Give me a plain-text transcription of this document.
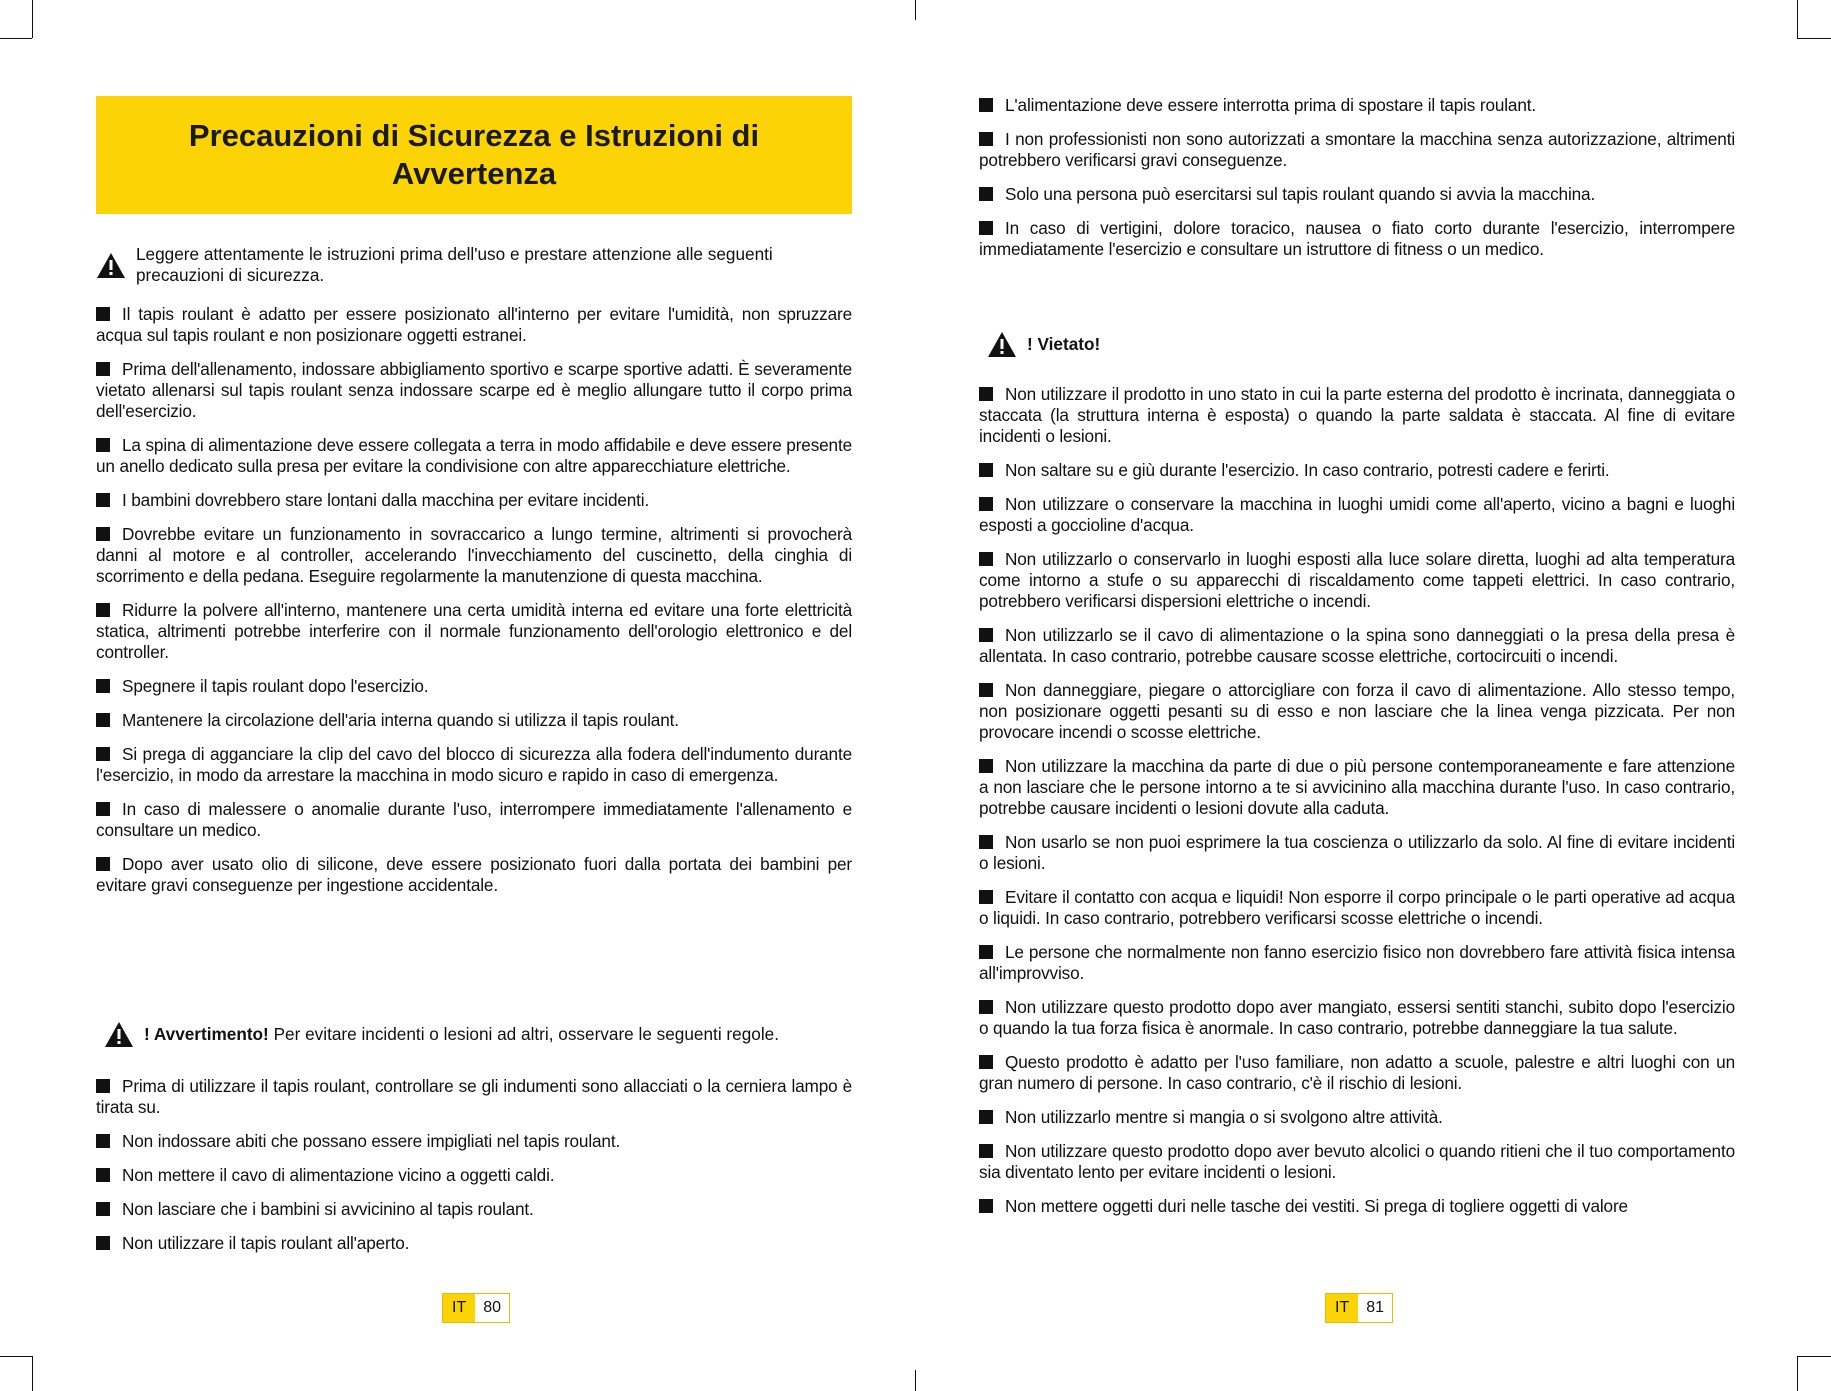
Precauzioni di Sicurezza e Istruzioni di Avvertenza
Leggere attentamente le istruzioni prima dell'uso e prestare attenzione alle seguenti precauzioni di sicurezza.

Il tapis roulant è adatto per essere posizionato all'interno per evitare l'umidità, non spruzzare acqua sul tapis roulant e non posizionare oggetti estranei.

Prima dell'allenamento, indossare abbigliamento sportivo e scarpe sportive adatti. È severamente vietato allenarsi sul tapis roulant senza indossare scarpe ed è meglio allungare tutto il corpo prima dell'esercizio.

La spina di alimentazione deve essere collegata a terra in modo affidabile e deve essere presente un anello dedicato sulla presa per evitare la condivisione con altre apparecchiature elettriche.

I bambini dovrebbero stare lontani dalla macchina per evitare incidenti.

Dovrebbe evitare un funzionamento in sovraccarico a lungo termine, altrimenti si provocherà danni al motore e al controller, accelerando l'invecchiamento del cuscinetto, della cinghia di scorrimento e della pedana. Eseguire regolarmente la manutenzione di questa macchina.

Ridurre la polvere all'interno, mantenere una certa umidità interna ed evitare una forte elettricità statica, altrimenti potrebbe interferire con il normale funzionamento dell'orologio elettronico e del controller.

Spegnere il tapis roulant dopo l'esercizio.

Mantenere la circolazione dell'aria interna quando si utilizza il tapis roulant.

Si prega di agganciare la clip del cavo del blocco di sicurezza alla fodera dell'indumento durante l'esercizio, in modo da arrestare la macchina in modo sicuro e rapido in caso di emergenza.

In caso di malessere o anomalie durante l'uso, interrompere immediatamente l'allenamento e consultare un medico.

Dopo aver usato olio di silicone, deve essere posizionato fuori dalla portata dei bambini per evitare gravi conseguenze per ingestione accidentale.

! Avvertimento! Per evitare incidenti o lesioni ad altri, osservare le seguenti regole.

Prima di utilizzare il tapis roulant, controllare se gli indumenti sono allacciati o la cerniera lampo è tirata su.

Non indossare abiti che possano essere impigliati nel tapis roulant.

Non mettere il cavo di alimentazione vicino a oggetti caldi.

Non lasciare che i bambini si avvicinino al tapis roulant.

Non utilizzare il tapis roulant all'aperto.

IT	80

L'alimentazione deve essere interrotta prima di spostare il tapis roulant.

I non professionisti non sono autorizzati a smontare la macchina senza autorizzazione, altrimenti potrebbero verificarsi gravi conseguenze.

Solo una persona può esercitarsi sul tapis roulant quando si avvia la macchina.

In caso di vertigini, dolore toracico, nausea o fiato corto durante l'esercizio, interrompere immediatamente l'esercizio e consultare un istruttore di fitness o un medico.

! Vietato!

Non utilizzare il prodotto in uno stato in cui la parte esterna del prodotto è incrinata, danneggiata o staccata (la struttura interna è esposta) o quando la parte saldata è staccata. Al fine di evitare incidenti o lesioni.

Non saltare su e giù durante l'esercizio. In caso contrario, potresti cadere e ferirti.

Non utilizzare o conservare la macchina in luoghi umidi come all'aperto, vicino a bagni e luoghi esposti a goccioline d'acqua.

Non utilizzarlo o conservarlo in luoghi esposti alla luce solare diretta, luoghi ad alta temperatura come intorno a stufe o su apparecchi di riscaldamento come tappeti elettrici. In caso contrario, potrebbero verificarsi dispersioni elettriche o incendi.

Non utilizzarlo se il cavo di alimentazione o la spina sono danneggiati o la presa della presa è allentata. In caso contrario, potrebbe causare scosse elettriche, cortocircuiti o incendi.

Non danneggiare, piegare o attorcigliare con forza il cavo di alimentazione. Allo stesso tempo, non posizionare oggetti pesanti su di esso e non lasciare che la linea venga pizzicata. Per non provocare incendi o scosse elettriche.

Non utilizzare la macchina da parte di due o più persone contemporaneamente e fare attenzione a non lasciare che le persone intorno a te si avvicinino alla macchina durante l'uso. In caso contrario, potrebbe causare incidenti o lesioni dovute alla caduta.

Non usarlo se non puoi esprimere la tua coscienza o utilizzarlo da solo. Al fine di evitare incidenti o lesioni.

Evitare il contatto con acqua e liquidi! Non esporre il corpo principale o le parti operative ad acqua o liquidi. In caso contrario, potrebbero verificarsi scosse elettriche o incendi.

Le persone che normalmente non fanno esercizio fisico non dovrebbero fare attività fisica intensa all'improvviso.

Non utilizzare questo prodotto dopo aver mangiato, essersi sentiti stanchi, subito dopo l'esercizio o quando la tua forza fisica è anormale. In caso contrario, potrebbe danneggiare la tua salute.

Questo prodotto è adatto per l'uso familiare, non adatto a scuole, palestre e altri luoghi con un gran numero di persone. In caso contrario, c'è il rischio di lesioni.

Non utilizzarlo mentre si mangia o si svolgono altre attività.

Non utilizzare questo prodotto dopo aver bevuto alcolici o quando ritieni che il tuo comportamento sia diventato lento per evitare incidenti o lesioni.

Non mettere oggetti duri nelle tasche dei vestiti. Si prega di togliere oggetti di valore

IT	81
